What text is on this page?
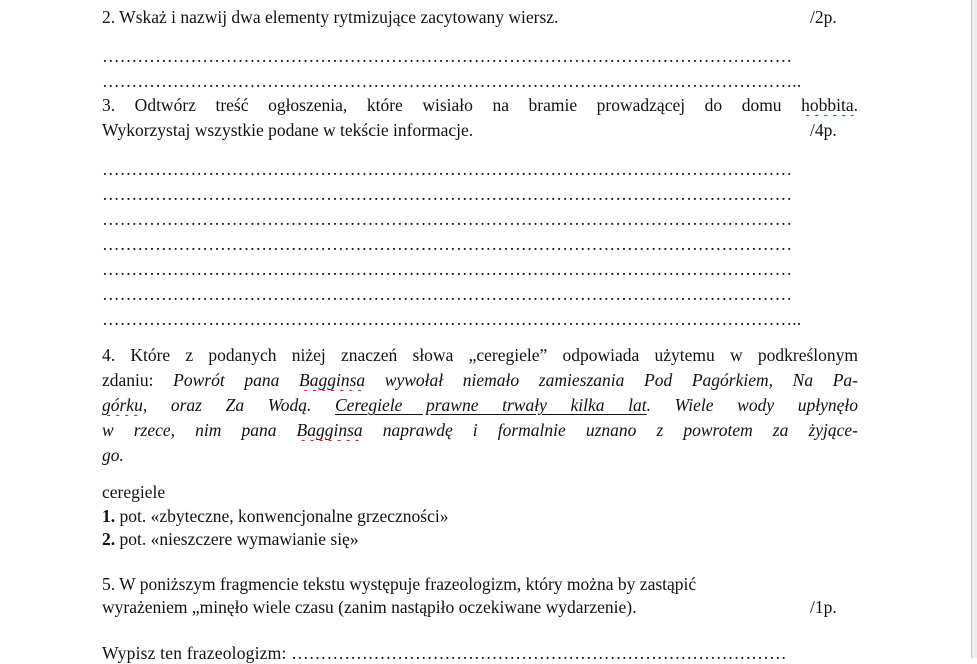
2. Wskaż i nazwij dwa elementy rytmizujące zacytowany wiersz.	/2p.
………………………………………………………………………………………………………
………………………………………………………………………………………………………..
3. Odtwórz treść ogłoszenia, które wisiało na bramie prowadzącej do domu hobbita.
Wykorzystaj wszystkie podane w tekście informacje.	/4p.
………………………………………………………………………………………………………
………………………………………………………………………………………………………
………………………………………………………………………………………………………
………………………………………………………………………………………………………
………………………………………………………………………………………………………
………………………………………………………………………………………………………
………………………………………………………………………………………………………..
4. Które z podanych niżej znaczeń słowa „ceregiele” odpowiada użytemu w podkreślonym
zdaniu: Powrót pana Bagginsa wywołał niemało zamieszania Pod Pagórkiem, Na Pa-
górku, oraz Za Wodą. Ceregiele prawne trwały kilka lat. Wiele wody upłynęło
w rzece, nim pana Bagginsa naprawdę i formalnie uznano z powrotem za żyjące-
go.
ceregiele
1. pot. «zbyteczne, konwencjonalne grzeczności»
2. pot. «nieszczere wymawianie się»
5. W poniższym fragmencie tekstu występuje frazeologizm, który można by zastąpić
wyrażeniem „minęło wiele czasu (zanim nastąpiło oczekiwane wydarzenie).	/1p.
Wypisz ten frazeologizm: …………………………………………………………………………
